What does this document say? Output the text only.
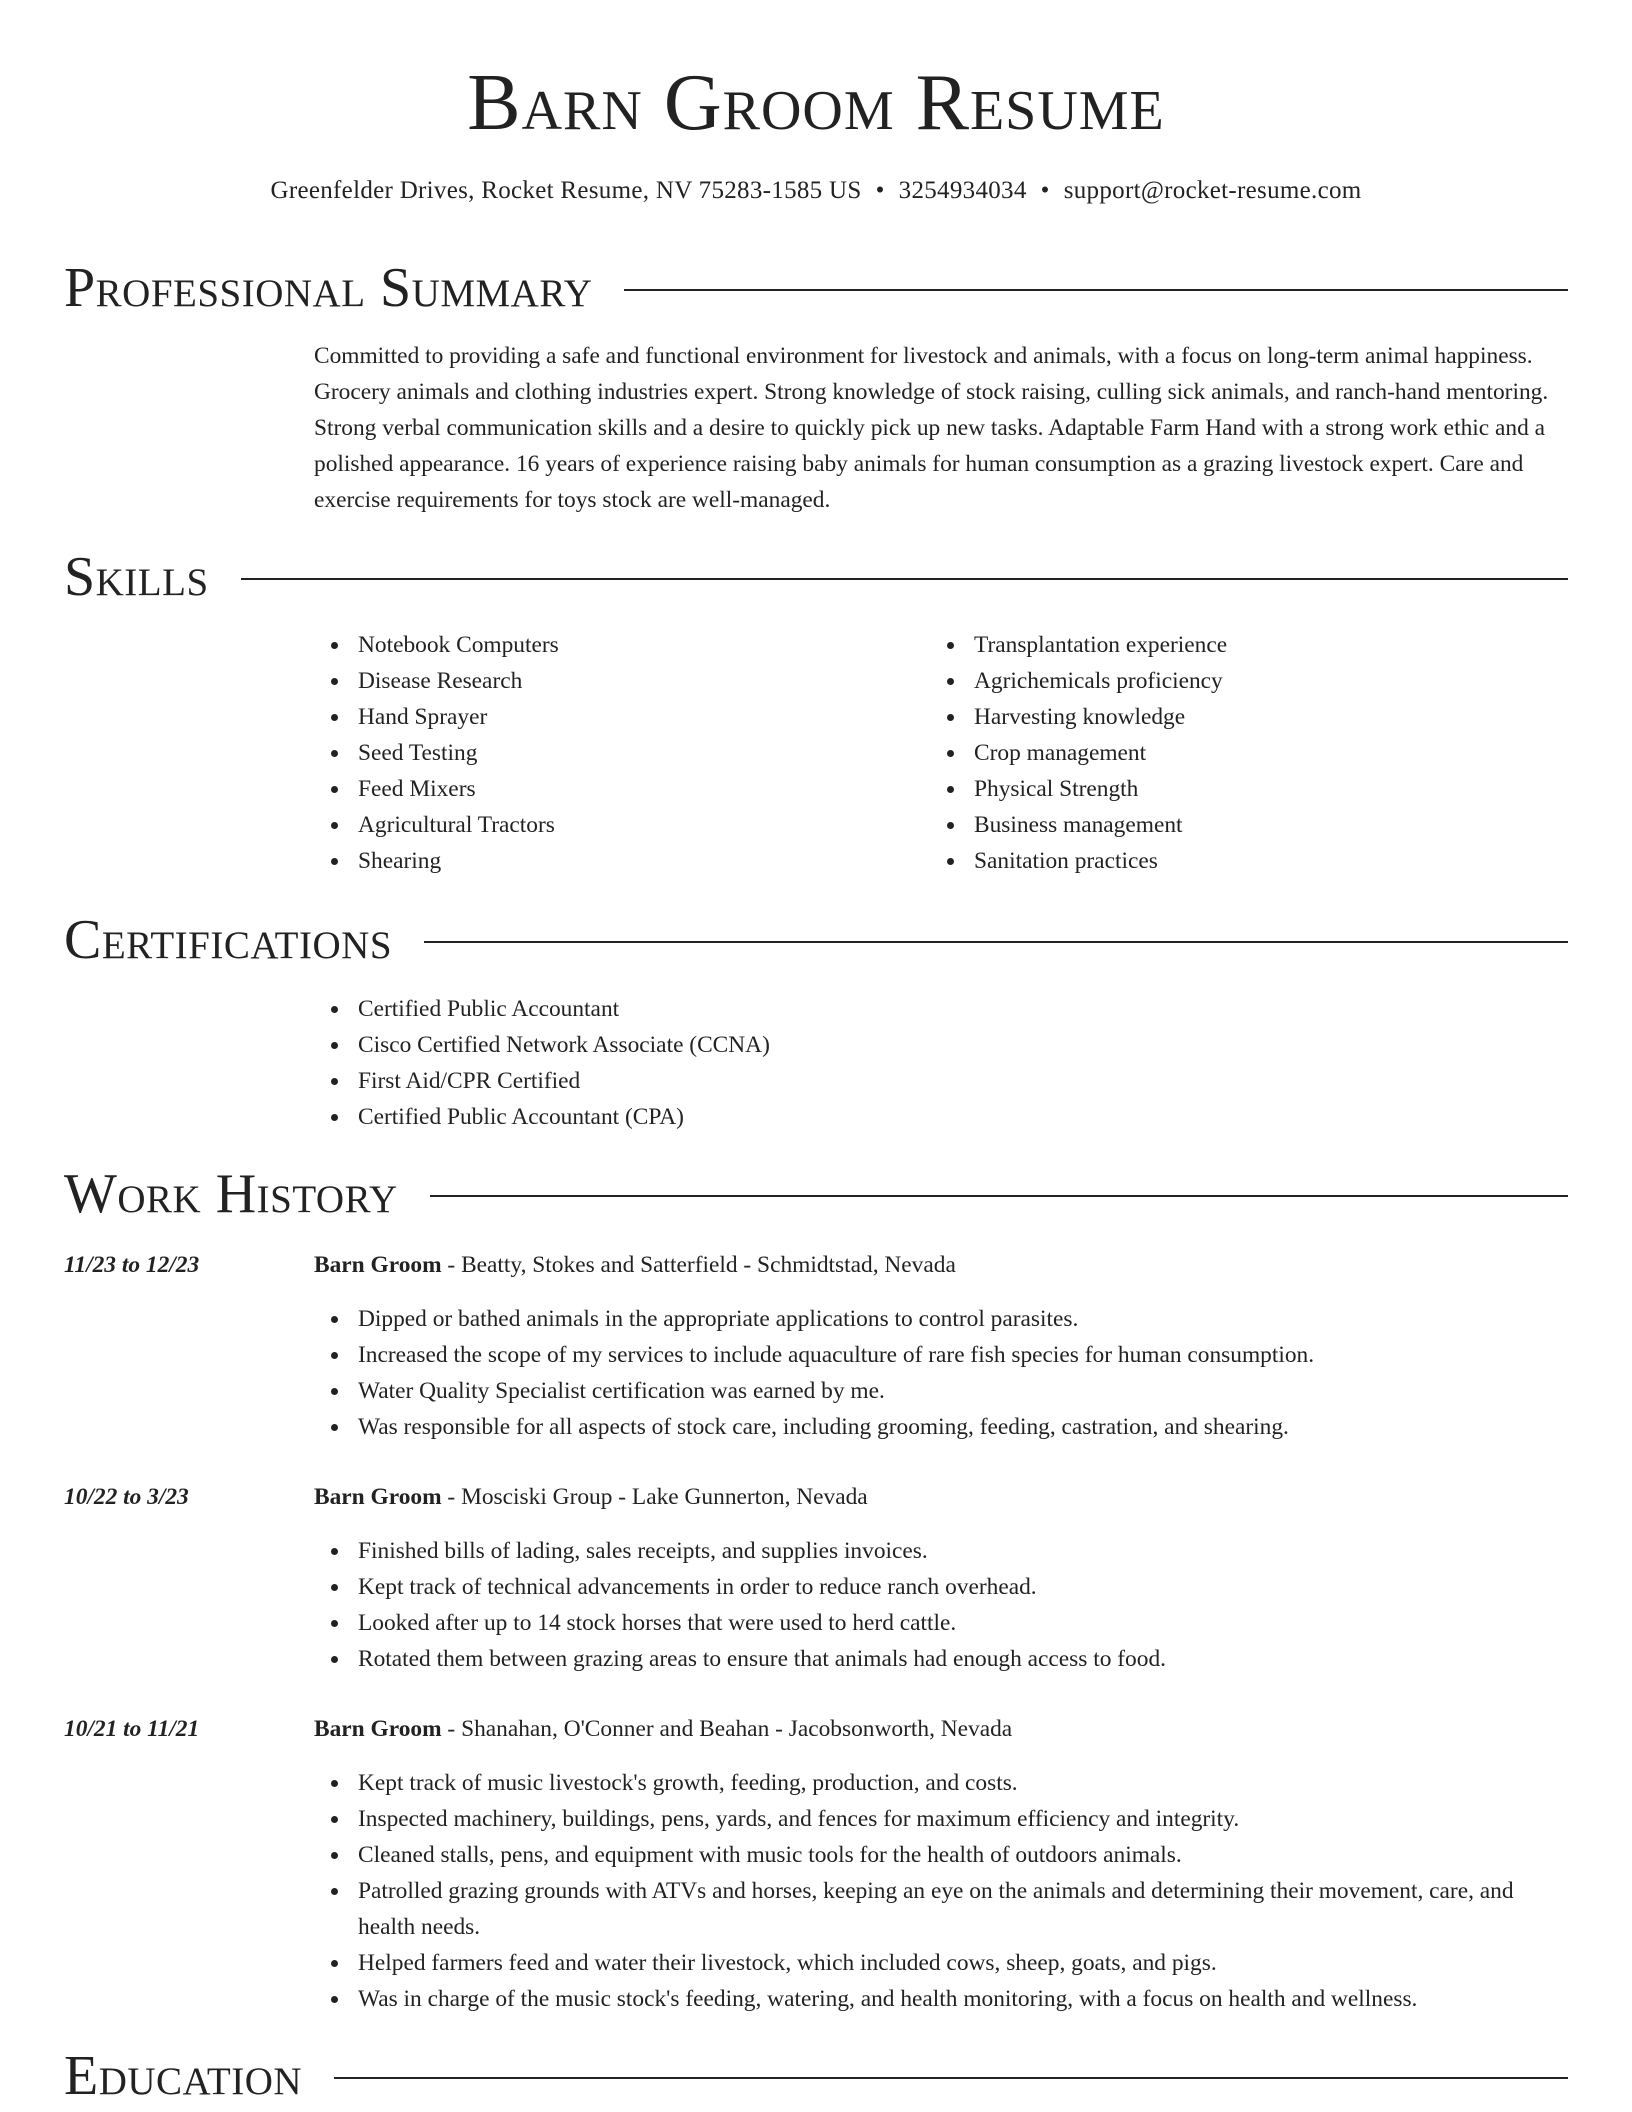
Barn Groom Resume
Greenfelder Drives, Rocket Resume, NV 75283-1585 US • 3254934034 • support@rocket-resume.com
Professional Summary
Committed to providing a safe and functional environment for livestock and animals, with a focus on long-term animal happiness. Grocery animals and clothing industries expert. Strong knowledge of stock raising, culling sick animals, and ranch-hand mentoring. Strong verbal communication skills and a desire to quickly pick up new tasks. Adaptable Farm Hand with a strong work ethic and a polished appearance. 16 years of experience raising baby animals for human consumption as a grazing livestock expert. Care and exercise requirements for toys stock are well-managed.
Skills
Notebook Computers
Disease Research
Hand Sprayer
Seed Testing
Feed Mixers
Agricultural Tractors
Shearing
Transplantation experience
Agrichemicals proficiency
Harvesting knowledge
Crop management
Physical Strength
Business management
Sanitation practices
Certifications
Certified Public Accountant
Cisco Certified Network Associate (CCNA)
First Aid/CPR Certified
Certified Public Accountant (CPA)
Work History
11/23 to 12/23	Barn Groom - Beatty, Stokes and Satterfield - Schmidtstad, Nevada
Dipped or bathed animals in the appropriate applications to control parasites.
Increased the scope of my services to include aquaculture of rare fish species for human consumption.
Water Quality Specialist certification was earned by me.
Was responsible for all aspects of stock care, including grooming, feeding, castration, and shearing.
10/22 to 3/23	Barn Groom - Mosciski Group - Lake Gunnerton, Nevada
Finished bills of lading, sales receipts, and supplies invoices.
Kept track of technical advancements in order to reduce ranch overhead.
Looked after up to 14 stock horses that were used to herd cattle.
Rotated them between grazing areas to ensure that animals had enough access to food.
10/21 to 11/21	Barn Groom - Shanahan, O'Conner and Beahan - Jacobsonworth, Nevada
Kept track of music livestock's growth, feeding, production, and costs.
Inspected machinery, buildings, pens, yards, and fences for maximum efficiency and integrity.
Cleaned stalls, pens, and equipment with music tools for the health of outdoors animals.
Patrolled grazing grounds with ATVs and horses, keeping an eye on the animals and determining their movement, care, and health needs.
Helped farmers feed and water their livestock, which included cows, sheep, goats, and pigs.
Was in charge of the music stock's feeding, watering, and health monitoring, with a focus on health and wellness.
Education
